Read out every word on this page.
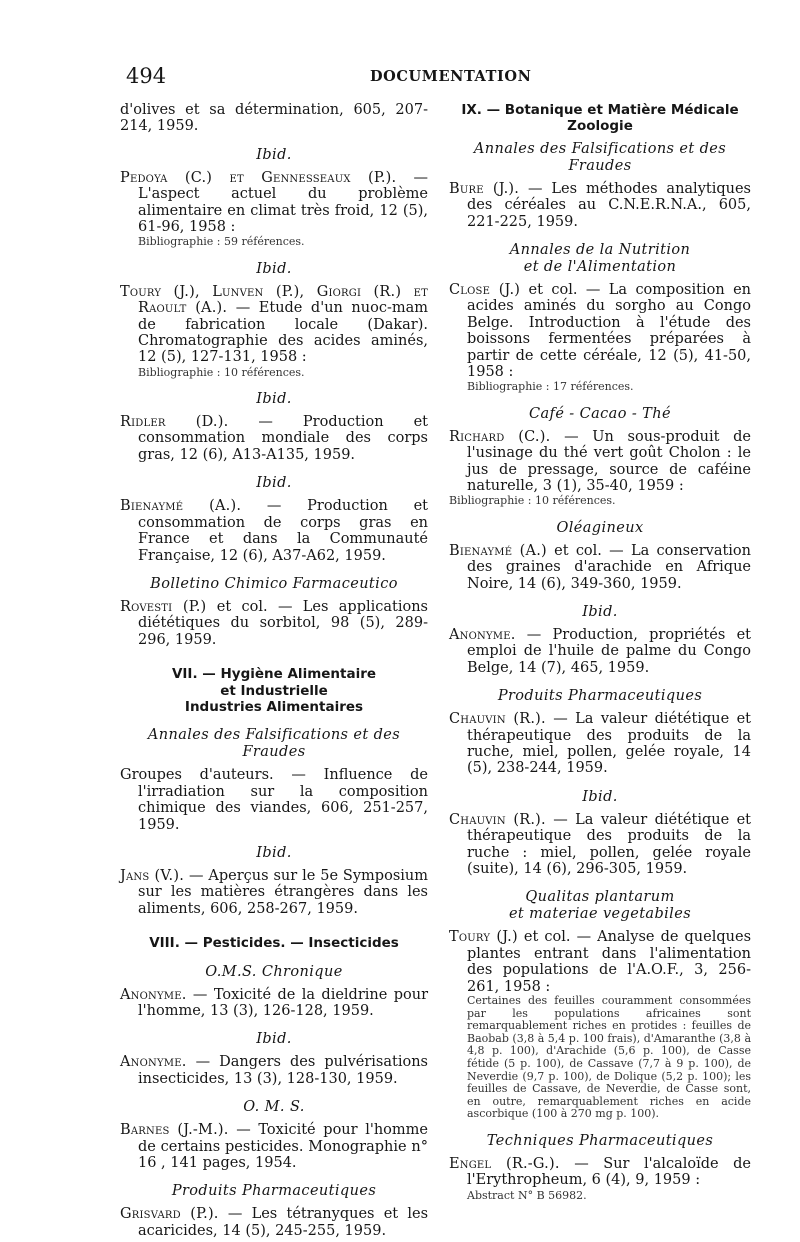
494	DOCUMENTATION
d'olives et sa détermination, 605, 207-214, 1959.
Ibid.
Pedoya (C.) et Gennesseaux (P.). — L'aspect actuel du problème alimentaire en climat très froid, 12 (5), 61-96, 1958 :
Bibliographie : 59 références.
Ibid.
Toury (J.), Lunven (P.), Giorgi (R.) et Raoult (A.). — Etude d'un nuoc-mam de fabrication locale (Dakar). Chromatographie des acides aminés, 12 (5), 127-131, 1958 :
Bibliographie : 10 références.
Ibid.
Ridler (D.). — Production et consommation mondiale des corps gras, 12 (6), A13-A135, 1959.
Ibid.
Bienaymé (A.). — Production et consommation de corps gras en France et dans la Communauté Française, 12 (6), A37-A62, 1959.
Bolletino Chimico Farmaceutico
Rovesti (P.) et col. — Les applications diététiques du sorbitol, 98 (5), 289-296, 1959.
VII. — Hygiène Alimentaire
et Industrielle
Industries Alimentaires
Annales des Falsifications et des Fraudes
Groupes d'auteurs. — Influence de l'irradiation sur la composition chimique des viandes, 606, 251-257, 1959.
Ibid.
Jans (V.). — Aperçus sur le 5e Symposium sur les matières étrangères dans les aliments, 606, 258-267, 1959.
VIII. — Pesticides. — Insecticides
O.M.S. Chronique
Anonyme. — Toxicité de la dieldrine pour l'homme, 13 (3), 126-128, 1959.
Ibid.
Anonyme. — Dangers des pulvérisations insecticides, 13 (3), 128-130, 1959.
O. M. S.
Barnes (J.-M.). — Toxicité pour l'homme de certains pesticides. Monographie n° 16 , 141 pages, 1954.
Produits Pharmaceutiques
Grisvard (P.). — Les tétranyques et les acaricides, 14 (5), 245-255, 1959.
IX. — Botanique et Matière Médicale
Zoologie
Annales des Falsifications et des Fraudes
Bure (J.). — Les méthodes analytiques des céréales au C.N.E.R.N.A., 605, 221-225, 1959.
Annales de la Nutrition
et de l'Alimentation
Close (J.) et col. — La composition en acides aminés du sorgho au Congo Belge. Introduction à l'étude des boissons fermentées préparées à partir de cette céréale, 12 (5), 41-50, 1958 :
Bibliographie : 17 références.
Café - Cacao - Thé
Richard (C.). — Un sous-produit de l'usinage du thé vert goût Cholon : le jus de pressage, source de caféine naturelle, 3 (1), 35-40, 1959 :
Bibliographie : 10 références.
Oléagineux
Bienaymé (A.) et col. — La conservation des graines d'arachide en Afrique Noire, 14 (6), 349-360, 1959.
Ibid.
Anonyme. — Production, propriétés et emploi de l'huile de palme du Congo Belge, 14 (7), 465, 1959.
Produits Pharmaceutiques
Chauvin (R.). — La valeur diététique et thérapeutique des produits de la ruche, miel, pollen, gelée royale, 14 (5), 238-244, 1959.
Ibid.
Chauvin (R.). — La valeur diététique et thérapeutique des produits de la ruche : miel, pollen, gelée royale (suite), 14 (6), 296-305, 1959.
Qualitas plantarum
et materiae vegetabiles
Toury (J.) et col. — Analyse de quelques plantes entrant dans l'alimentation des populations de l'A.O.F., 3, 256-261, 1958 :
Certaines des feuilles couramment consommées par les populations africaines sont remarquablement riches en protides : feuilles de Baobab (3,8 à 5,4 p. 100 frais), d'Amaranthe (3,8 à 4,8 p. 100), d'Arachide (5,6 p. 100), de Casse fétide (5 p. 100), de Cassave (7,7 à 9 p. 100), de Neverdie (9,7 p. 100), de Dolique (5,2 p. 100); les feuilles de Cassave, de Neverdie, de Casse sont, en outre, remarquablement riches en acide ascorbique (100 à 270 mg p. 100).
Techniques Pharmaceutiques
Engel (R.-G.). — Sur l'alcaloïde de l'Erythropheum, 6 (4), 9, 1959 :
Abstract N° B 56982.
